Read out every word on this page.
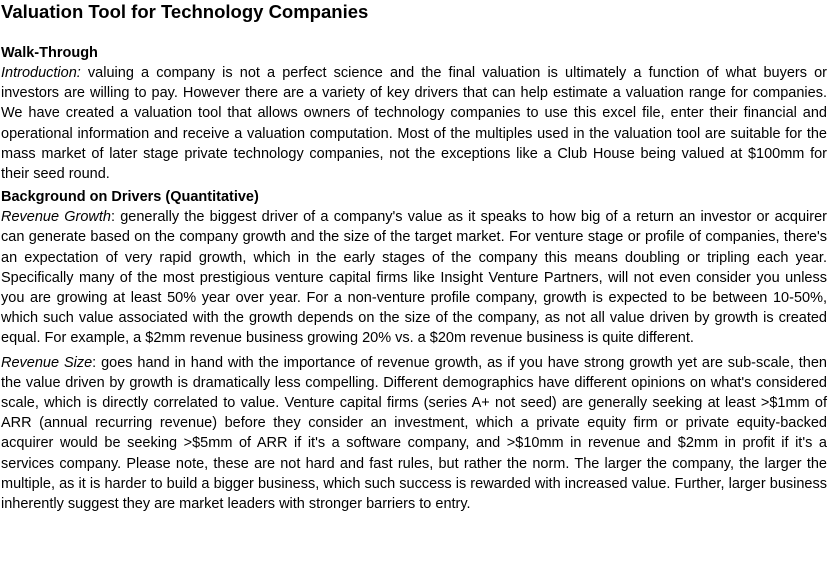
Valuation Tool for Technology Companies
Walk-Through

Introduction: valuing a company is not a perfect science and the final valuation is ultimately a function of what buyers or investors are willing to pay. However there are a variety of key drivers that can help estimate a valuation range for companies. We have created a valuation tool that allows owners of technology companies to use this excel file, enter their financial and operational information and receive a valuation computation. Most of the multiples used in the valuation tool are suitable for the mass market of later stage private technology companies, not the exceptions like a Club House being valued at $100mm for their seed round.

Background on Drivers (Quantitative)

Revenue Growth: generally the biggest driver of a company's value as it speaks to how big of a return an investor or acquirer can generate based on the company growth and the size of the target market. For venture stage or profile of companies, there's an expectation of very rapid growth, which in the early stages of the company this means doubling or tripling each year. Specifically many of the most prestigious venture capital firms like Insight Venture Partners, will not even consider you unless you are growing at least 50% year over year. For a non-venture profile company, growth is expected to be between 10-50%, which such value associated with the growth depends on the size of the company, as not all value driven by growth is created equal. For example, a $2mm revenue business growing 20% vs. a $20m revenue business is quite different.

Revenue Size: goes hand in hand with the importance of revenue growth, as if you have strong growth yet are sub-scale, then the value driven by growth is dramatically less compelling. Different demographics have different opinions on what's considered scale, which is directly correlated to value. Venture capital firms (series A+ not seed) are generally seeking at least >$1mm of ARR (annual recurring revenue) before they consider an investment, which a private equity firm or private equity-backed acquirer would be seeking >$5mm of ARR if it's a software company, and >$10mm in revenue and $2mm in profit if it's a services company. Please note, these are not hard and fast rules, but rather the norm. The larger the company, the larger the multiple, as it is harder to build a bigger business, which such success is rewarded with increased value. Further, larger business inherently suggest they are market leaders with stronger barriers to entry.
